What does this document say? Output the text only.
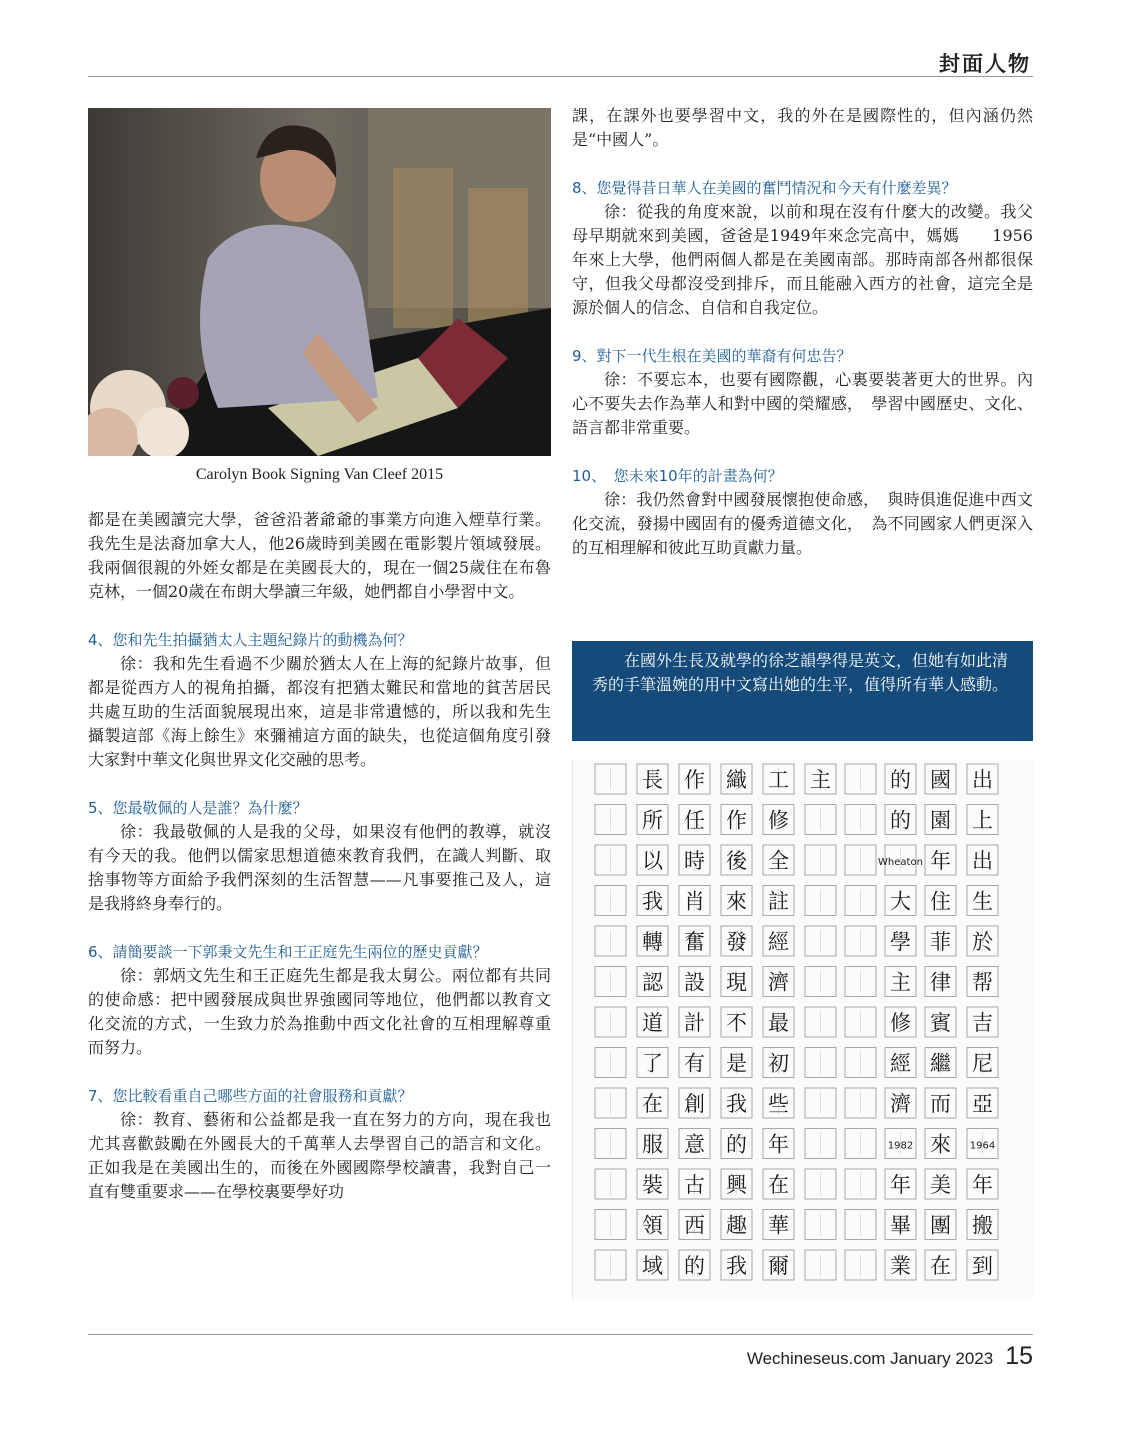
封面人物
Carolyn Book Signing Van Cleef 2015

都是在美國讀完大學，爸爸沿著爺爺的事業方向進入煙草行業。我先生是法裔加拿大人，他26歲時到美國在電影製片領域發展。我兩個很親的外姪女都是在美國長大的，現在一個25歲住在布魯克林，一個20歲在布朗大學讀三年級，她們都自小學習中文。

4、您和先生拍攝猶太人主題紀錄片的動機為何？

徐：我和先生看過不少關於猶太人在上海的紀錄片故事，但都是從西方人的視角拍攝，都沒有把猶太難民和當地的貧苦居民共處互助的生活面貌展現出來，這是非常遺憾的，所以我和先生攝製這部《海上餘生》來彌補這方面的缺失，也從這個角度引發大家對中華文化與世界文化交融的思考。

5、您最敬佩的人是誰？為什麼？

徐：我最敬佩的人是我的父母，如果沒有他們的教導，就沒有今天的我。他們以儒家思想道德來教育我們，在識人判斷、取捨事物等方面給予我們深刻的生活智慧——凡事要推己及人，這是我將終身奉行的。

6、請簡要談一下郭秉文先生和王正庭先生兩位的歷史貢獻？

徐：郭炳文先生和王正庭先生都是我太舅公。兩位都有共同的使命感：把中國發展成與世界強國同等地位，他們都以教育文化交流的方式，一生致力於為推動中西文化社會的互相理解尊重而努力。

7、您比較看重自己哪些方面的社會服務和貢獻？

徐：教育、藝術和公益都是我一直在努力的方向，現在我也尤其喜歡鼓勵在外國長大的千萬華人去學習自己的語言和文化。正如我是在美國出生的，而後在外國國際學校讀書，我對自己一直有雙重要求——在學校裏要學好功

課，在課外也要學習中文，我的外在是國際性的，但內涵仍然是“中國人”。

8、您覺得昔日華人在美國的奮鬥情況和今天有什麼差異？

徐：從我的角度來說，以前和現在沒有什麼大的改變。我父母早期就來到美國，爸爸是1949年來念完高中，媽媽　　1956年來上大學，他們兩個人都是在美國南部。那時南部各州都很保守，但我父母都沒受到排斥，而且能融入西方的社會，這完全是源於個人的信念、自信和自我定位。

9、對下一代生根在美國的華裔有何忠告？

徐：不要忘本，也要有國際觀，心裏要裝著更大的世界。內心不要失去作為華人和對中國的榮耀感，　學習中國歷史、文化、語言都非常重要。

10、　您未來10年的計畫為何？

徐：我仍然會對中國發展懷抱使命感，　與時俱進促進中西文化交流，發揚中國固有的優秀道德文化，　為不同國家人們更深入的互相理解和彼此互助貢獻力量。

在國外生長及就學的徐芝韻學得是英文，但她有如此清秀的手筆溫婉的用中文寫出她的生平，值得所有華人感動。
長 作 織 工 主	的 國 出
所 任 作 修	的 園 上
以 時 後 全	Wheaton 年 出
我 肖 來 註	大 住 生
轉 奮 發 經	學 菲 於
認 設 現 濟	主 律 帮
道 計 不 最	修 賓 吉
了 有 是 初	經 繼 尼
在 創 我 些	濟 而 亞
服 意 的 年	1982 來 1964
裝 古 興 在	年 美 年
領 西 趣 華	畢 團 搬
域 的 我 爾	業 在 到
Wechineseus.com January 2023 15
